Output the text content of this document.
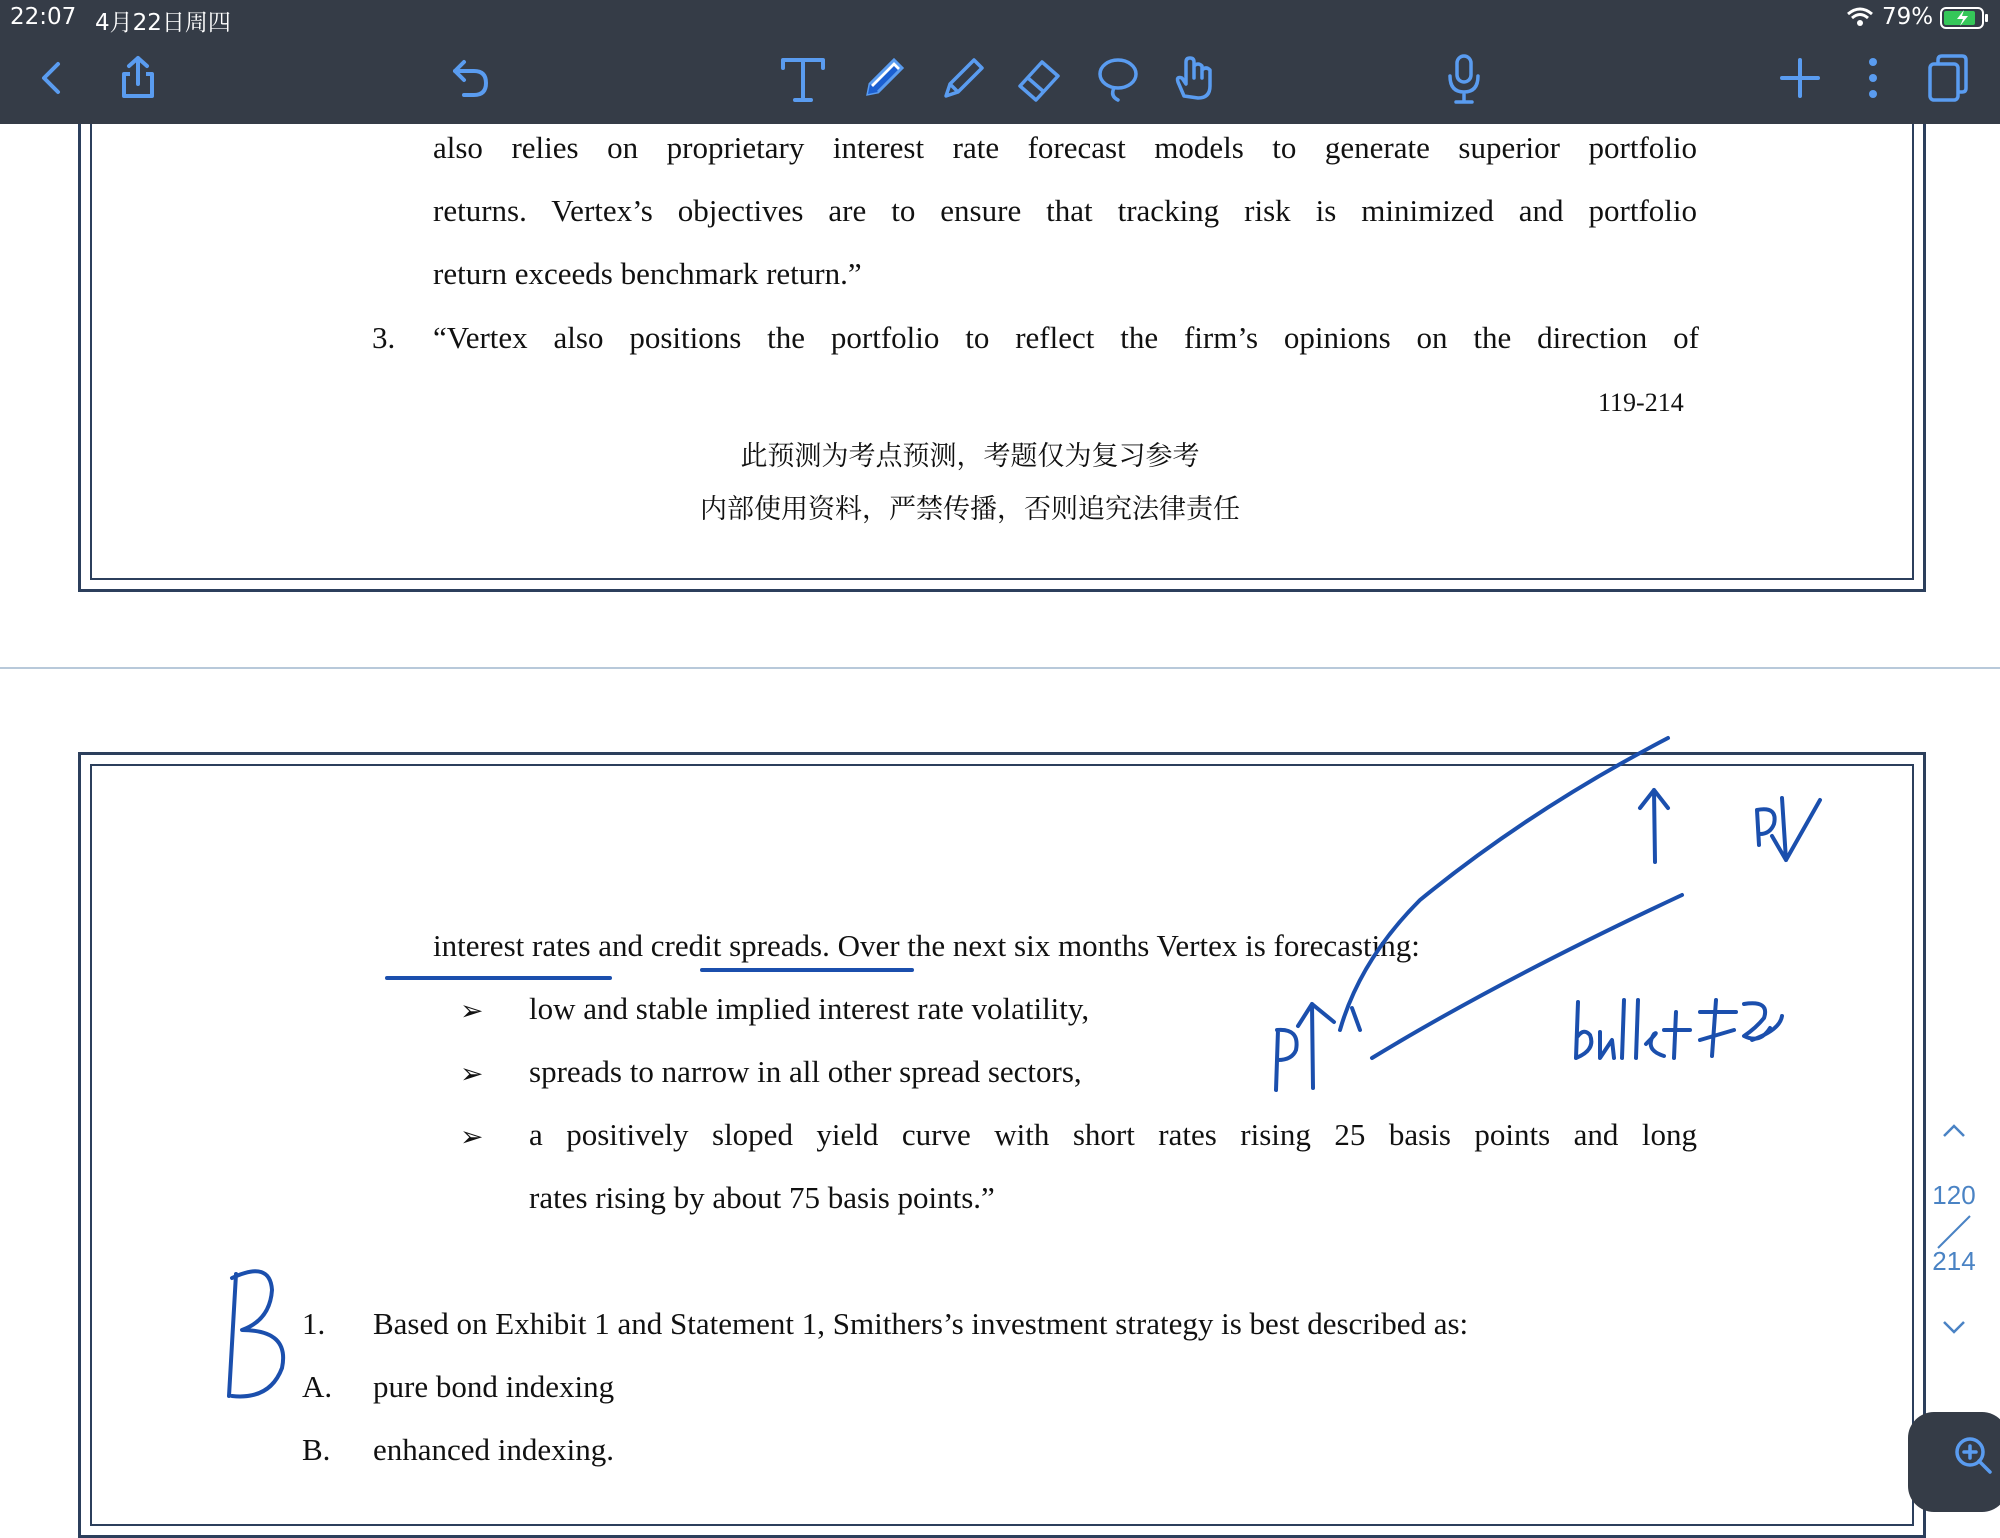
22:07 4月22日周四	79%
also relies on proprietary interest rate forecast models to generate superior portfolio
returns. Vertex’s objectives are to ensure that tracking risk is minimized and portfolio
return exceeds benchmark return.”
3. “Vertex also positions the portfolio to reflect the firm’s opinions on the direction of
119-214
此预测为考点预测，考题仅为复习参考
内部使用资料，严禁传播，否则追究法律责任
interest rates and credit spreads. Over the next six months Vertex is forecasting:
➢ low and stable implied interest rate volatility,
➢ spreads to narrow in all other spread sectors,
➢ a positively sloped yield curve with short rates rising 25 basis points and long
rates rising by about 75 basis points.”
1. Based on Exhibit 1 and Statement 1, Smithers’s investment strategy is best described as:
A. pure bond indexing
B. enhanced indexing.
120
214
